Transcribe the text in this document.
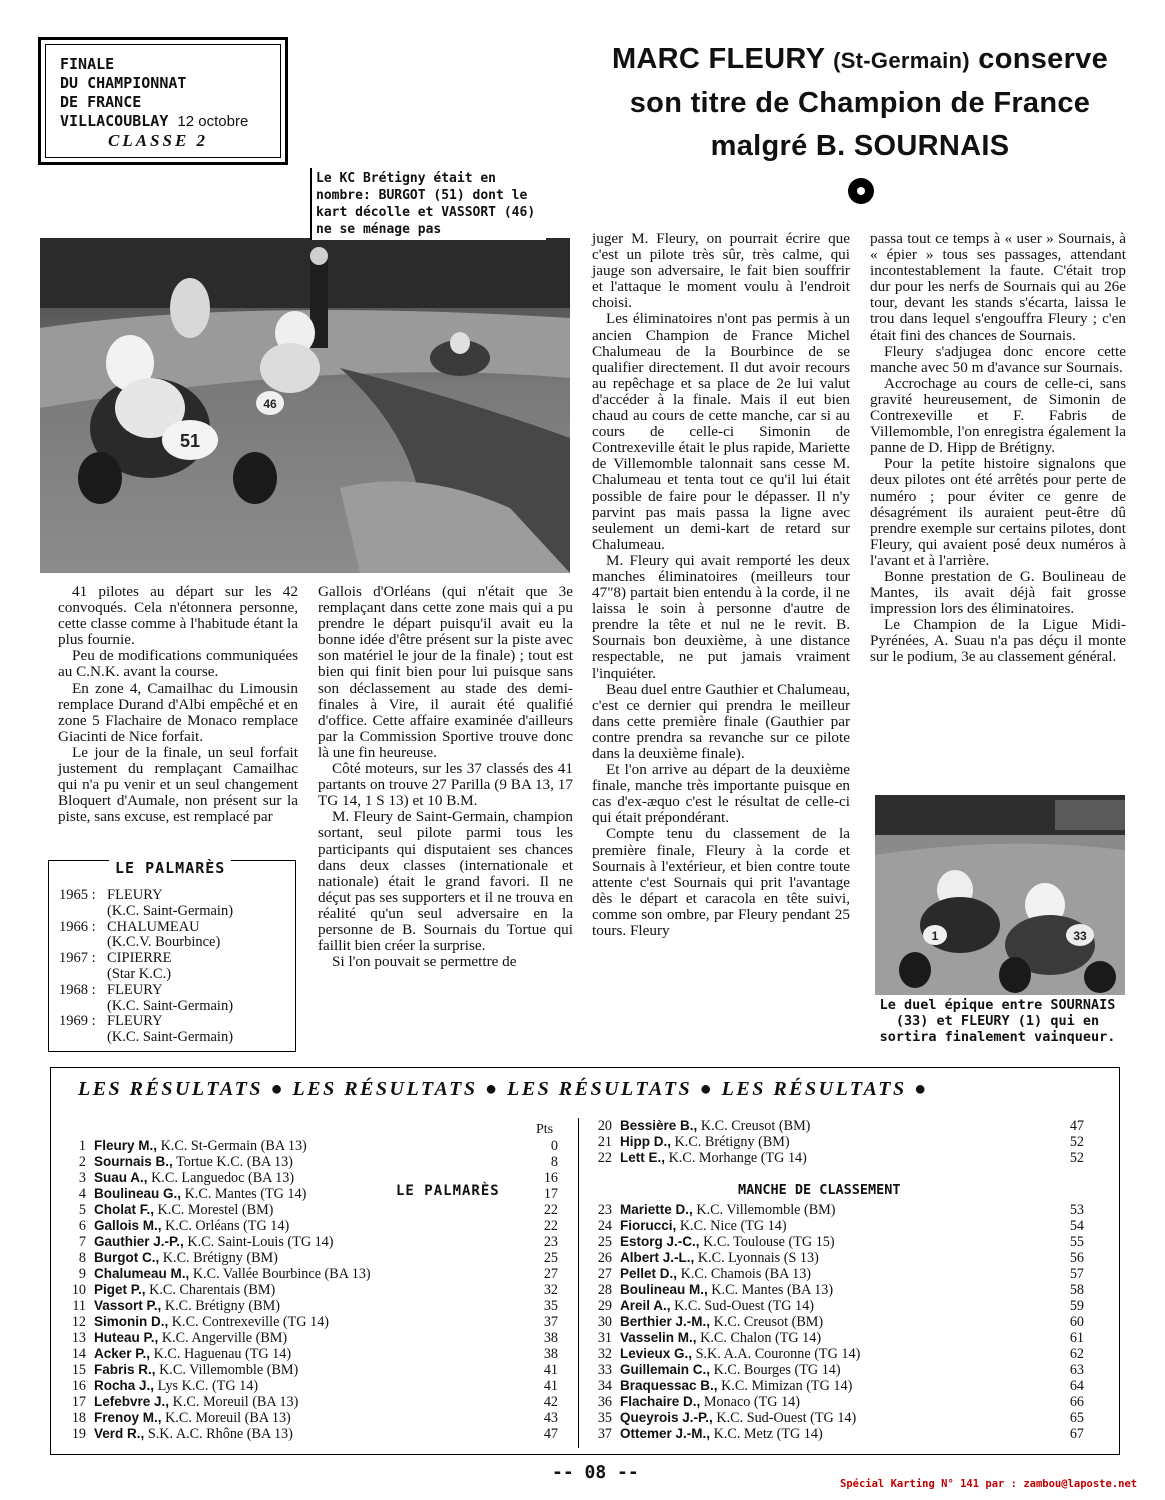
FINALE
DU CHAMPIONNAT
DE FRANCE
VILLACOUBLAY 12 octobre
CLASSE 2
MARC FLEURY (St-Germain) conserve
son titre de Champion de France
malgré B. SOURNAIS
51
46
Le KC Brétigny était en nombre: BURGOT (51) dont le kart décolle et VASSORT (46) ne se ménage pas

41 pilotes au départ sur les 42 convoqués. Cela n'étonnera personne, cette classe comme à l'habitude étant la plus fournie.

Peu de modifications communiquées au C.N.K. avant la course.

En zone 4, Camailhac du Limousin remplace Durand d'Albi empêché et en zone 5 Flachaire de Monaco remplace Giacinti de Nice forfait.

Le jour de la finale, un seul forfait justement du remplaçant Camailhac qui n'a pu venir et un seul changement Bloquert d'Aumale, non présent sur la piste, sans excuse, est remplacé par

LE PALMARÈS
1965 : FLEURY
(K.C. Saint-Germain)
1966 : CHALUMEAU
(K.C.V. Bourbince)
1967 : CIPIERRE
(Star K.C.)
1968 : FLEURY
(K.C. Saint-Germain)
1969 : FLEURY
(K.C. Saint-Germain)

Gallois d'Orléans (qui n'était que 3e remplaçant dans cette zone mais qui a pu prendre le départ puisqu'il avait eu la bonne idée d'être présent sur la piste avec son matériel le jour de la finale) ; tout est bien qui finit bien pour lui puisque sans son déclassement au stade des demi-finales à Vire, il aurait été qualifié d'office. Cette affaire examinée d'ailleurs par la Commission Sportive trouve donc là une fin heureuse.

Côté moteurs, sur les 37 classés des 41 partants on trouve 27 Parilla (9 BA 13, 17 TG 14, 1 S 13) et 10 B.M.

M. Fleury de Saint-Germain, champion sortant, seul pilote parmi tous les participants qui disputaient ses chances dans deux classes (internationale et nationale) était le grand favori. Il ne déçut pas ses supporters et il ne trouva en réalité qu'un seul adversaire en la personne de B. Sournais du Tortue qui faillit bien créer la surprise.

Si l'on pouvait se permettre de

juger M. Fleury, on pourrait écrire que c'est un pilote très sûr, très calme, qui jauge son adversaire, le fait bien souffrir et l'attaque le moment voulu à l'endroit choisi.

Les éliminatoires n'ont pas permis à un ancien Champion de France Michel Chalumeau de la Bourbince de se qualifier directement. Il dut avoir recours au repêchage et sa place de 2e lui valut d'accéder à la finale. Mais il eut bien chaud au cours de cette manche, car si au cours de celle-ci Simonin de Contrexeville était le plus rapide, Mariette de Villemomble talonnait sans cesse M. Chalumeau et tenta tout ce qu'il lui était possible de faire pour le dépasser. Il n'y parvint pas mais passa la ligne avec seulement un demi-kart de retard sur Chalumeau.

M. Fleury qui avait remporté les deux manches éliminatoires (meilleurs tour 47"8) partait bien entendu à la corde, il ne laissa le soin à personne d'autre de prendre la tête et nul ne le revit. B. Sournais bon deuxième, à une distance respectable, ne put jamais vraiment l'inquiéter.

Beau duel entre Gauthier et Chalumeau, c'est ce dernier qui prendra le meilleur dans cette première finale (Gauthier par contre prendra sa revanche sur ce pilote dans la deuxième finale).

Et l'on arrive au départ de la deuxième finale, manche très importante puisque en cas d'ex-æquo c'est le résultat de celle-ci qui était prépondérant.

Compte tenu du classement de la première finale, Fleury à la corde et Sournais à l'extérieur, et bien contre toute attente c'est Sournais qui prit l'avantage dès le départ et caracola en tête suivi, comme son ombre, par Fleury pendant 25 tours. Fleury

passa tout ce temps à « user » Sournais, à « épier » tous ses passages, attendant incontestablement la faute. C'était trop dur pour les nerfs de Sournais qui au 26e tour, devant les stands s'écarta, laissa le trou dans lequel s'engouffra Fleury ; c'en était fini des chances de Sournais.

Fleury s'adjugea donc encore cette manche avec 50 m d'avance sur Sournais.

Accrochage au cours de celle-ci, sans gravité heureusement, de Simonin de Contrexeville et F. Fabris de Villemomble, l'on enregistra également la panne de D. Hipp de Brétigny.

Pour la petite histoire signalons que deux pilotes ont été arrêtés pour perte de numéro ; pour éviter ce genre de désagrément ils auraient peut-être dû prendre exemple sur certains pilotes, dont Fleury, qui avaient posé deux numéros à l'avant et à l'arrière.

Bonne prestation de G. Boulineau de Mantes, ils avait déjà fait grosse impression lors des éliminatoires.

Le Champion de la Ligue Midi-Pyrénées, A. Suau n'a pas déçu il monte sur le podium, 3e au classement général.

1	33
Le duel épique entre SOURNAIS (33) et FLEURY (1) qui en sortira finalement vainqueur.
LES RÉSULTATS ● LES RÉSULTATS ● LES RÉSULTATS ● LES RÉSULTATS ●
Pts
LE PALMARÈS
1 Fleury M., K.C. St-Germain (BA 13)	0
2 Sournais B., Tortue K.C. (BA 13)	8
3 Suau A., K.C. Languedoc (BA 13)	16
4 Boulineau G., K.C. Mantes (TG 14)	17
5 Cholat F., K.C. Morestel (BM)	22
6 Gallois M., K.C. Orléans (TG 14)	22
7 Gauthier J.-P., K.C. Saint-Louis (TG 14)	23
8 Burgot C., K.C. Brétigny (BM)	25
9 Chalumeau M., K.C. Vallée Bourbince (BA 13)	27
10 Piget P., K.C. Charentais (BM)	32
11 Vassort P., K.C. Brétigny (BM)	35
12 Simonin D., K.C. Contrexeville (TG 14)	37
13 Huteau P., K.C. Angerville (BM)	38
14 Acker P., K.C. Haguenau (TG 14)	38
15 Fabris R., K.C. Villemomble (BM)	41
16 Rocha J., Lys K.C. (TG 14)	41
17 Lefebvre J., K.C. Moreuil (BA 13)	42
18 Frenoy M., K.C. Moreuil (BA 13)	43
19 Verd R., S.K. A.C. Rhône (BA 13)	47
20 Bessière B., K.C. Creusot (BM)	47
21 Hipp D., K.C. Brétigny (BM)	52
22 Lett E., K.C. Morhange (TG 14)	52
23 Mariette D., K.C. Villemomble (BM)	53
24 Fiorucci, K.C. Nice (TG 14)	54
25 Estorg J.-C., K.C. Toulouse (TG 15)	55
26 Albert J.-L., K.C. Lyonnais (S 13)	56
27 Pellet D., K.C. Chamois (BA 13)	57
28 Boulineau M., K.C. Mantes (BA 13)	58
29 Areil A., K.C. Sud-Ouest (TG 14)	59
30 Berthier J.-M., K.C. Creusot (BM)	60
31 Vasselin M., K.C. Chalon (TG 14)	61
32 Levieux G., S.K. A.A. Couronne (TG 14)	62
33 Guillemain C., K.C. Bourges (TG 14)	63
34 Braquessac B., K.C. Mimizan (TG 14)	64
36 Flachaire D., Monaco (TG 14)	66
35 Queyrois J.-P., K.C. Sud-Ouest (TG 14)	65
37 Ottemer J.-M., K.C. Metz (TG 14)	67
MANCHE DE CLASSEMENT
-- 08 --
Spécial Karting N° 141 par : zambou@laposte.net
